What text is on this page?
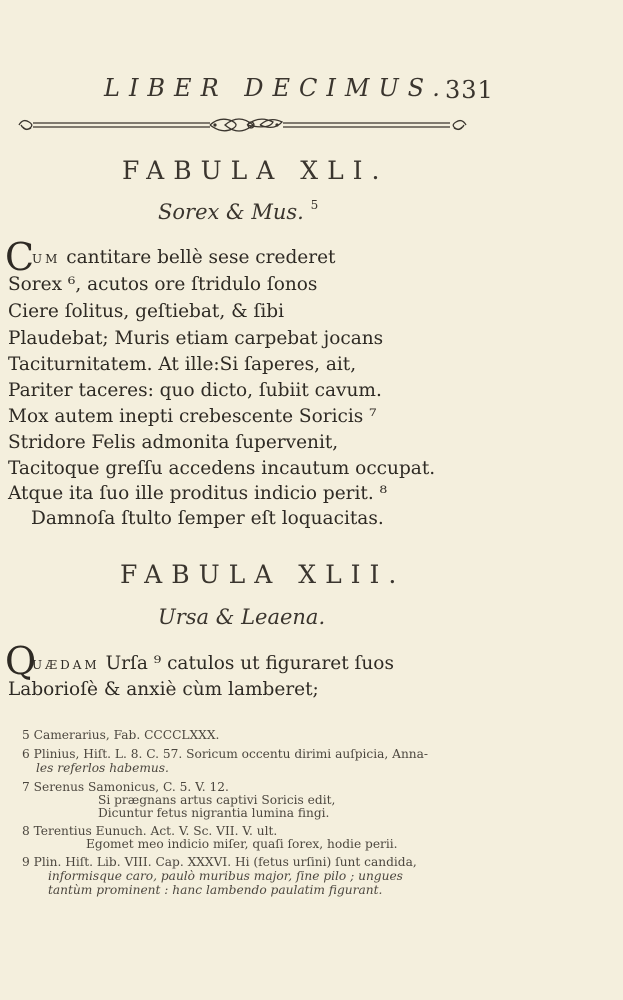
LIBER DECIMUS.
331
FABULA XLI.
Sorex & Mus. $^5$
C
UM cantitare bellè sese crederet
Sorex ⁶, acutos ore ſtridulo ſonos
Ciere ſolitus, geſtiebat, & ſibi
Plaudebat; Muris etiam carpebat jocans
Taciturnitatem. At ille:Si ſaperes, ait,
Pariter taceres: quo dicto, ſubiit cavum.
Mox autem inepti crebescente Soricis ⁷
Stridore Felis admonita ſupervenit,
Tacitoque greſſu accedens incautum occupat.
Atque ita ſuo ille proditus indicio perit. ⁸
Damnoſa ſtulto ſemper eſt loquacitas.
FABULA XLII.
Ursa & Leaena.
Q
UÆDAM Urſa ⁹ catulos ut figuraret ſuos
Laborioſè & anxiè cùm lamberet;
5 Camerarius, Fab. CCCCLXXX.
6 Plinius, Hiſt. L. 8. C. 57. Soricum occentu dirimi auſpicia, Anna-
les referlos habemus.
7 Serenus Samonicus, C. 5. V. 12.
Si prægnans artus captivi Soricis edit,
Dicuntur fetus nigrantia lumina fingi.
8 Terentius Eunuch. Act. V. Sc. VII. V. ult.
Egomet meo indicio miſer, quaſi ſorex, hodie perii.
9 Plin. Hiſt. Lib. VIII. Cap. XXXVI. Hi (fetus urſini) ſunt candida,
informisque caro, paulò muribus major, ſine pilo ; ungues
tantùm prominent : hanc lambendo paulatim figurant.
